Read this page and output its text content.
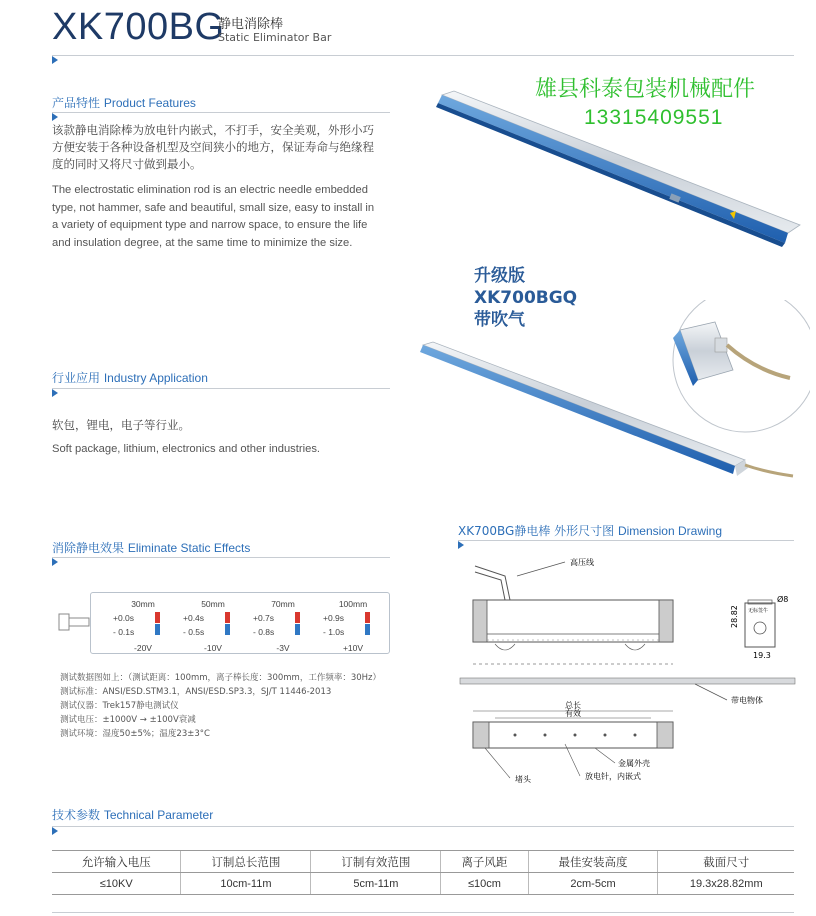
XK700BG
静电消除棒
Static Eliminator Bar
雄县科泰包装机械配件
13315409551
产品特性 Product Features
该款静电消除棒为放电针内嵌式，不打手，安全美观，外形小巧
方便安装于各种设备机型及空间狭小的地方，保证寿命与绝缘程
度的同时又将尺寸做到最小。
The electrostatic elimination rod is an electric needle embedded
type, not hammer, safe and beautiful, small size, easy to install in
a variety of equipment type and narrow space, to ensure the life
and insulation degree, at the same time to minimize the size.
升级版
XK700BGQ
带吹气
行业应用 Industry Application
软包，锂电，电子等行业。
Soft package, lithium, electronics and other industries.
消除静电效果 Eliminate Static Effects
30mm
+0.0s
- 0.1s
-20V
50mm
+0.4s
- 0.5s
-10V
70mm
+0.7s
- 0.8s
-3V
100mm
+0.9s
- 1.0s
+10V
测试数据图如上：（测试距离：100mm，离子棒长度：300mm，工作频率：30Hz）
测试标准：ANSI/ESD.STM3.1，ANSI/ESD.SP3.3，SJ/T 11446-2013
测试仪器：Trek157静电测试仪
测试电压：±1000V → ±100V衰减
测试环境：湿度50±5%；温度23±3°C
XK700BG静电棒 外形尺寸图 Dimension Drawing
高压线
带电物体
总长
有效
金属外壳
放电针，内嵌式
堵头
无标签牛
28.82
19.3
Ø8
技术参数 Technical Parameter
允许输入电压	订制总长范围	订制有效范围	离子风距	最佳安装高度	截面尺寸
≤10KV	10cm-11m	5cm-11m	≤10cm	2cm-5cm	19.3x28.82mm
